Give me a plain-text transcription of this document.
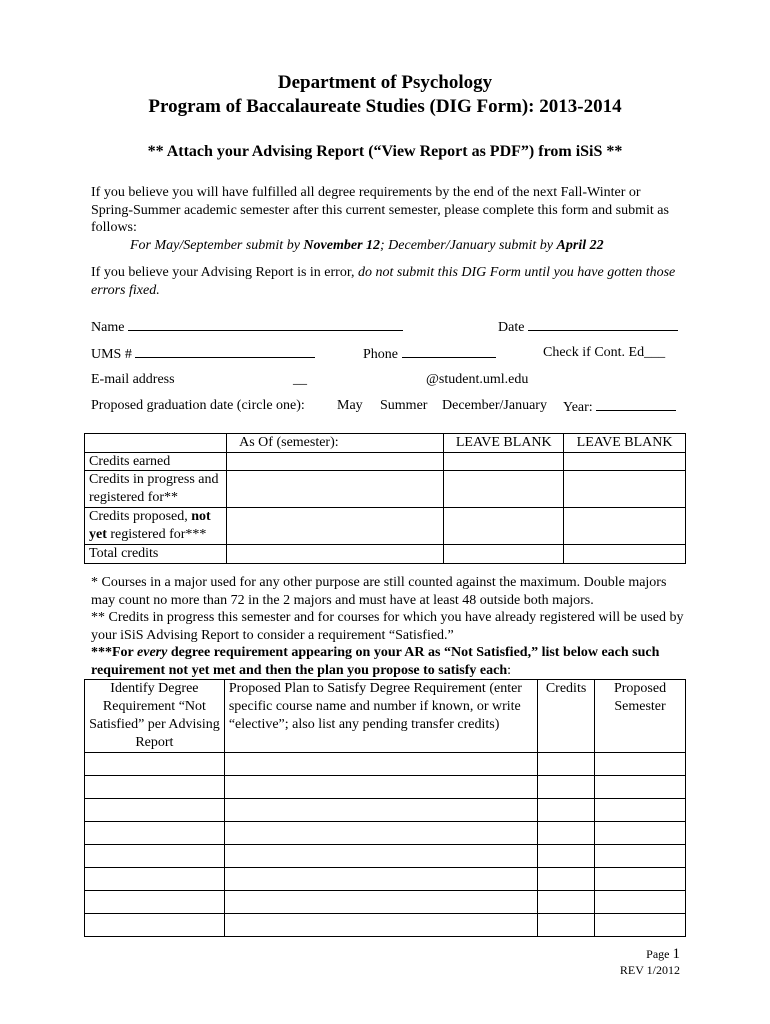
Department of Psychology
Program of Baccalaureate Studies (DIG Form): 2013-2014
** Attach your Advising Report (“View Report as PDF”) from iSiS **
If you believe you will have fulfilled all degree requirements by the end of the next Fall-Winter or Spring-Summer academic semester after this current semester, please complete this form and submit as follows:
For May/September submit by November 12; December/January submit by April 22
If you believe your Advising Report is in error, do not submit this DIG Form until you have gotten those errors fixed.
Name	Date
UMS #	Phone	Check if Cont. Ed___
E-mail address	__	@student.uml.edu
Proposed graduation date (circle one): May Summer December/January Year:
	As Of (semester):	LEAVE BLANK	LEAVE BLANK
Credits earned			
Credits in progress and registered for**			
Credits proposed, not yet registered for***			
Total credits			
* Courses in a major used for any other purpose are still counted against the maximum. Double majors may count no more than 72 in the 2 majors and must have at least 48 outside both majors.
** Credits in progress this semester and for courses for which you have already registered will be used by your iSiS Advising Report to consider a requirement “Satisfied.”
***For every degree requirement appearing on your AR as “Not Satisfied,” list below each such requirement not yet met and then the plan you propose to satisfy each:
Identify Degree Requirement “Not Satisfied” per Advising Report	Proposed Plan to Satisfy Degree Requirement (enter specific course name and number if known, or write “elective”; also list any pending transfer credits)	Credits	Proposed Semester

Page 1
REV 1/2012
